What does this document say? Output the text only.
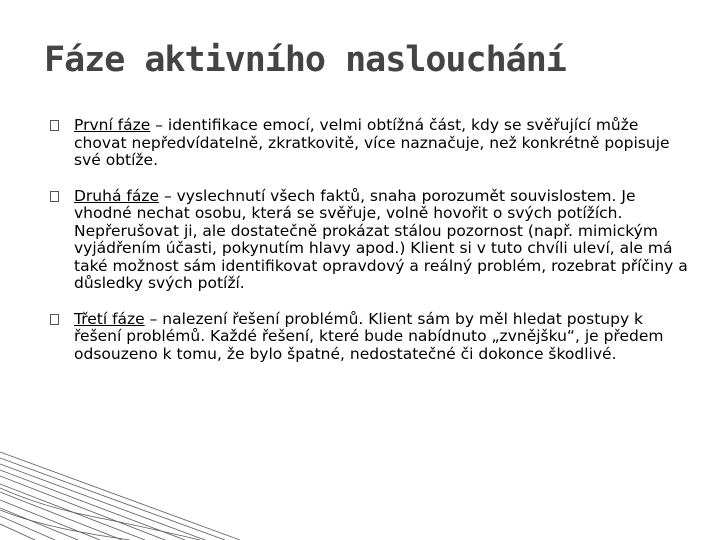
Fáze aktivního naslouchání
První fáze – identifikace emocí, velmi obtížná část, kdy se svěřující může chovat nepředvídatelně, zkratkovitě, více naznačuje, než konkrétně popisuje své obtíže.
Druhá fáze – vyslechnutí všech faktů, snaha porozumět souvislostem. Je vhodné nechat osobu, která se svěřuje, volně hovořit o svých potížích. Nepřerušovat ji, ale dostatečně prokázat stálou pozornost (např. mimickým vyjádřením účasti, pokynutím hlavy apod.) Klient si v tuto chvíli uleví, ale má také možnost sám identifikovat opravdový a reálný problém, rozebrat příčiny a důsledky svých potíží.
Třetí fáze – nalezení řešení problémů. Klient sám by měl hledat postupy k řešení problémů. Každé řešení, které bude nabídnuto „zvnějšku“, je předem odsouzeno k tomu, že bylo špatné, nedostatečné či dokonce škodlivé.
